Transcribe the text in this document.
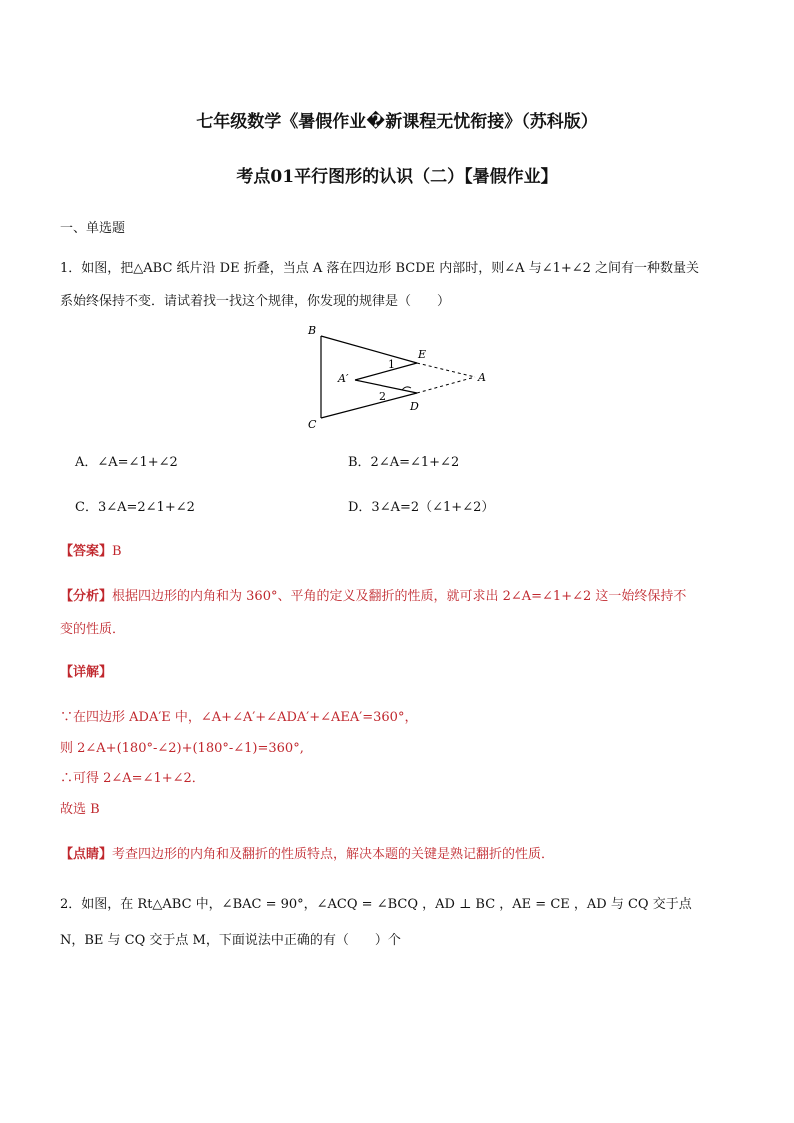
七年级数学《暑假作业�新课程无忧衔接》（苏科版）
考点01平行图形的认识（二）【暑假作业】
一、单选题
1．如图，把△ABC 纸片沿 DE 折叠，当点 A 落在四边形 BCDE 内部时，则∠A 与∠1+∠2 之间有一种数量关
系始终保持不变．请试着找一找这个规律，你发现的规律是（　　）
B
C
E
D
A
A′
1
2
A．∠A=∠1+∠2	B．2∠A=∠1+∠2
C．3∠A=2∠1+∠2	D．3∠A=2（∠1+∠2）
【答案】B
【分析】根据四边形的内角和为 360°、平角的定义及翻折的性质，就可求出 2∠A=∠1+∠2 这一始终保持不
变的性质．
【详解】
∵在四边形 ADA′E 中，∠A+∠A′+∠ADA′+∠AEA′=360°，
则 2∠A+(180°-∠2)+(180°-∠1)=360°,
∴可得 2∠A=∠1+∠2．
故选 B
【点睛】考查四边形的内角和及翻折的性质特点，解决本题的关键是熟记翻折的性质．
2．如图，在 Rt△ABC 中，∠BAC = 90°，∠ACQ = ∠BCQ ，AD ⊥ BC ，AE = CE ，AD 与 CQ 交于点
N，BE 与 CQ 交于点 M，下面说法中正确的有（　　）个
